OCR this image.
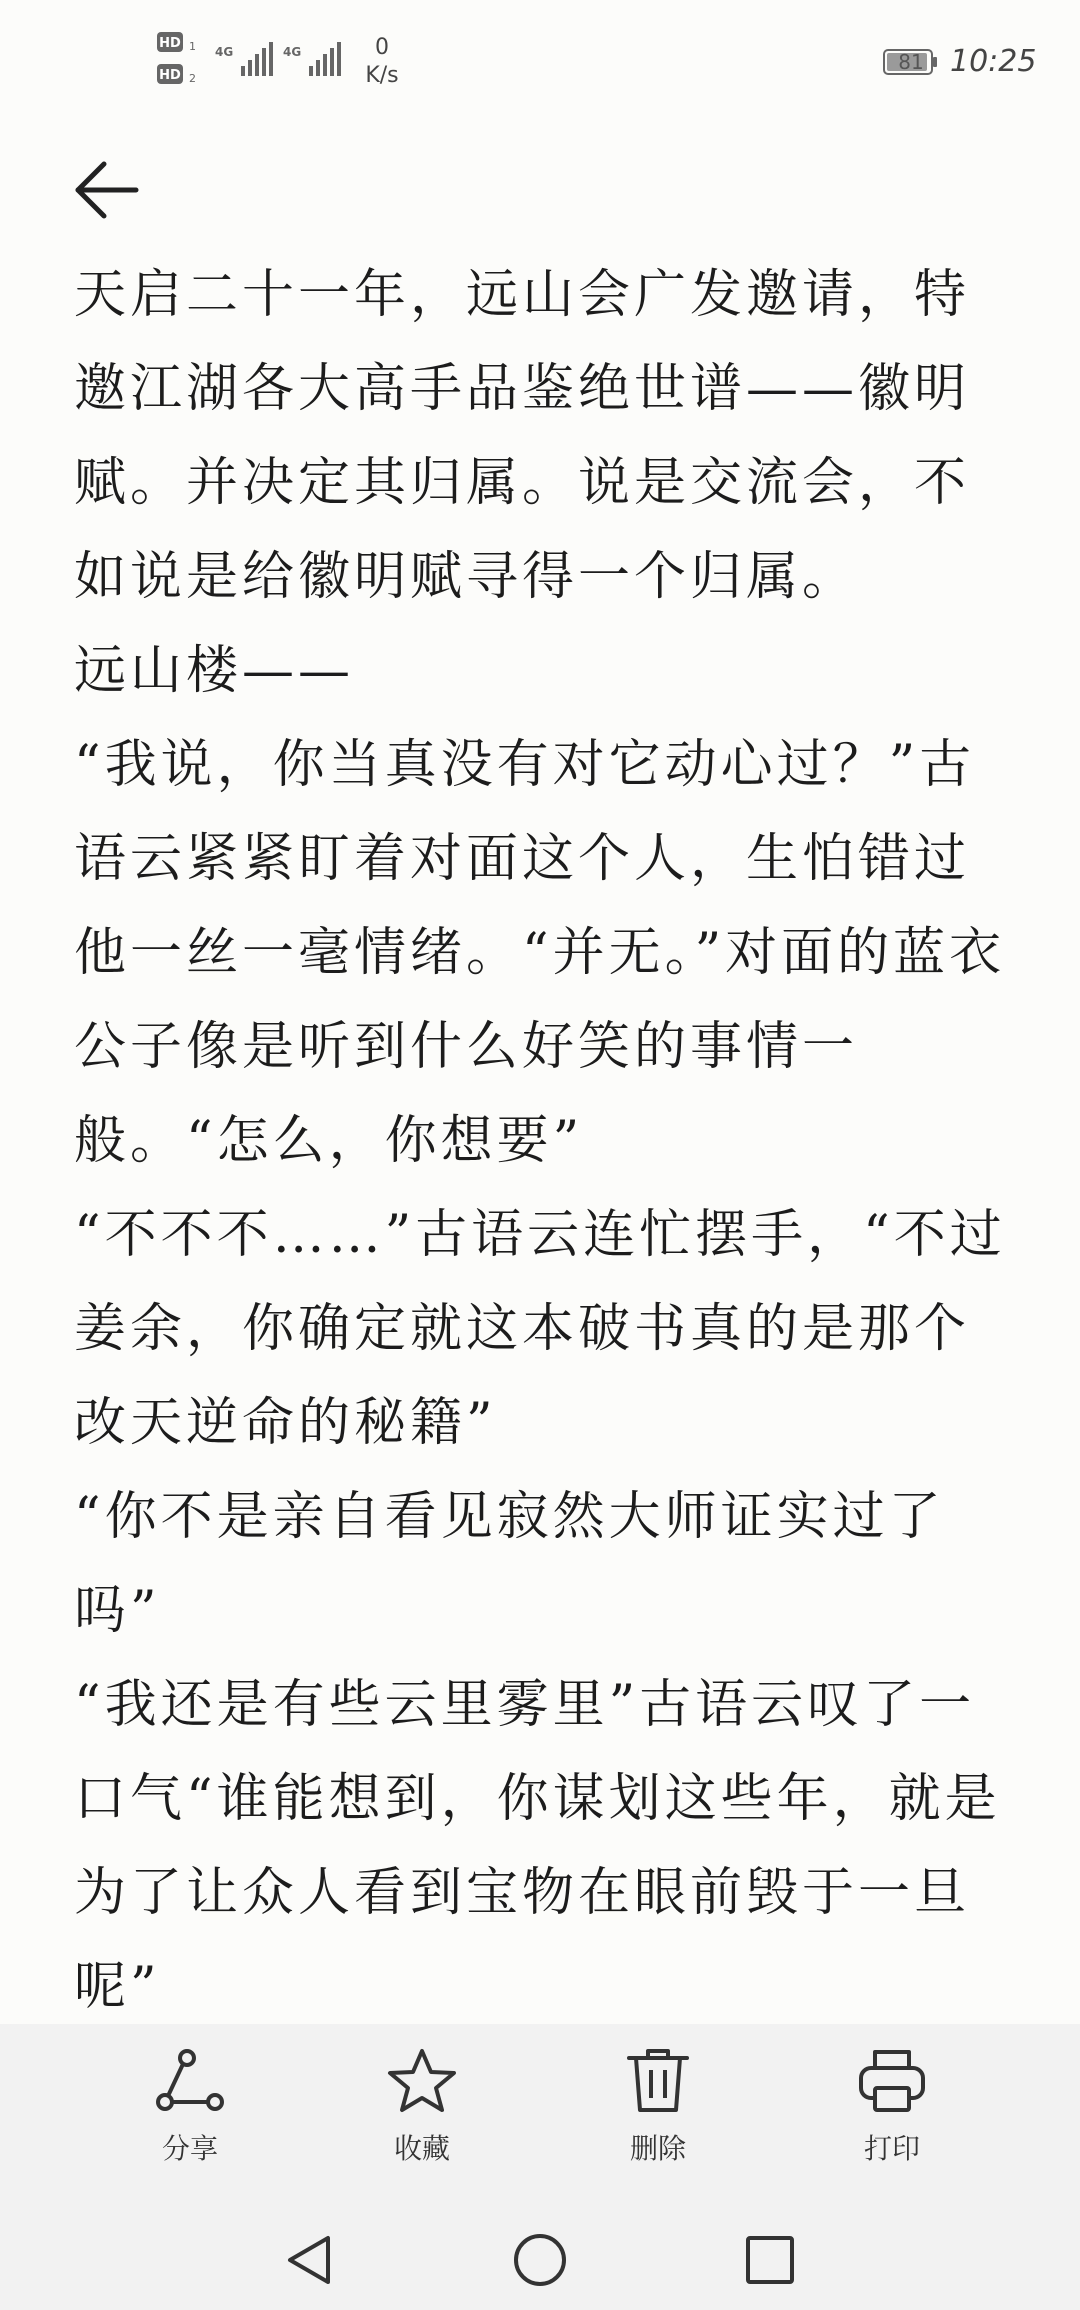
HD 1
HD 2
4G	4G	0
K/s
81 10:25

天启二十一年，远山会广发邀请，特邀江湖各大高手品鉴绝世谱——徽明赋。并决定其归属。说是交流会，不如说是给徽明赋寻得一个归属。

远山楼——

“我说，你当真没有对它动心过？”古语云紧紧盯着对面这个人，生怕错过他一丝一毫情绪。“并无。”对面的蓝衣公子像是听到什么好笑的事情一般。“怎么，你想要”

“不不不……”古语云连忙摆手，“不过姜余，你确定就这本破书真的是那个改天逆命的秘籍”

“你不是亲自看见寂然大师证实过了吗”

“我还是有些云里雾里”古语云叹了一口气“谁能想到，你谋划这些年，就是为了让众人看到宝物在眼前毁于一旦呢”

分享	收藏	删除	打印
